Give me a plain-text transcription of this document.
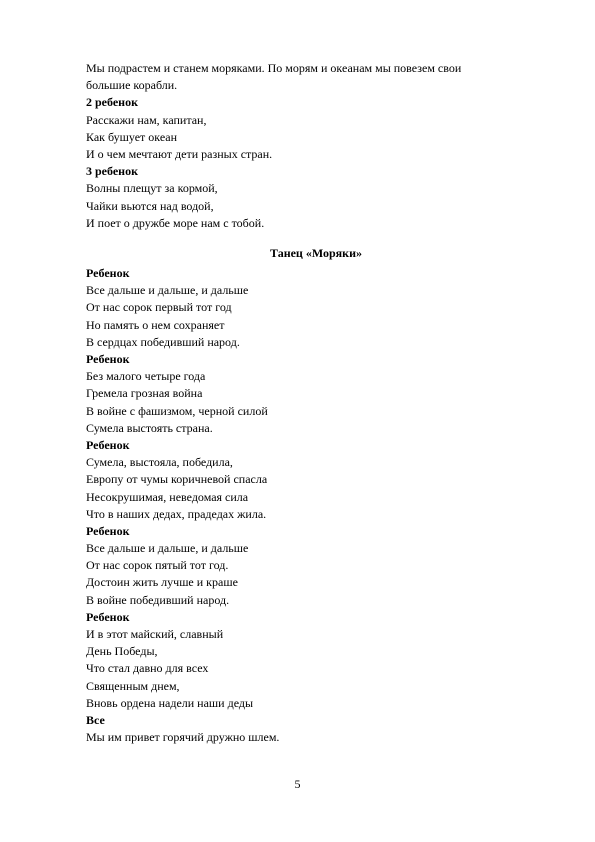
Мы подрастем и станем моряками. По морям и океанам мы повезем свои
большие корабли.
2 ребенок
Расскажи нам, капитан,
Как бушует океан
И о чем мечтают дети разных стран.
3 ребенок
Волны плещут за кормой,
Чайки вьются над водой,
И поет о дружбе море нам с тобой.
Танец «Моряки»
Ребенок
Все дальше и дальше, и дальше
От нас сорок первый тот год
Но память о нем сохраняет
В сердцах победивший народ.
Ребенок
Без малого четыре года
Гремела грозная война
В войне с фашизмом, черной силой
Сумела выстоять страна.
Ребенок
Сумела, выстояла, победила,
Европу от чумы коричневой спасла
Несокрушимая, неведомая сила
Что в наших дедах, прадедах жила.
Ребенок
Все дальше и дальше, и дальше
От нас сорок пятый тот год.
Достоин жить лучше и краше
В войне победивший народ.
Ребенок
И в этот майский, славный
День Победы,
Что стал давно для всех
Священным днем,
Вновь ордена надели наши деды
Все
Мы им привет горячий дружно шлем.
5
